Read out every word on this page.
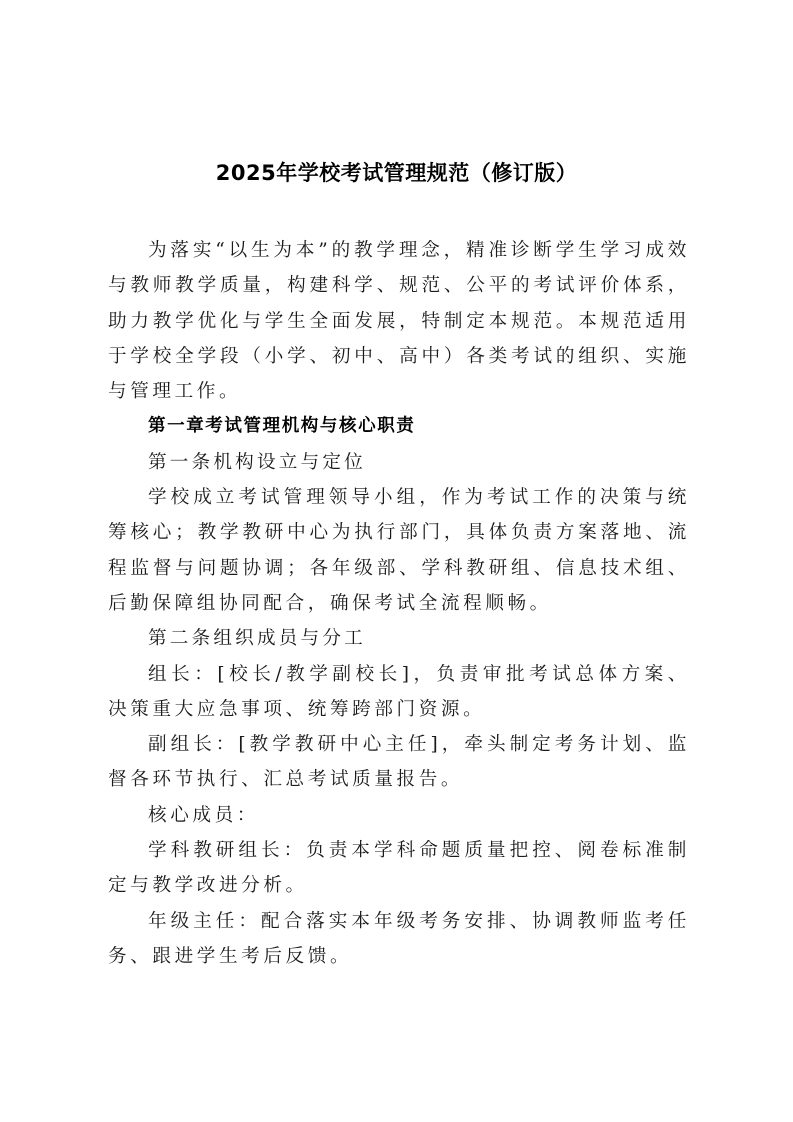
2025年学校考试管理规范（修订版）

为落实“以生为本”的教学理念，精准诊断学生学习成效与教师教学质量，构建科学、规范、公平的考试评价体系，助力教学优化与学生全面发展，特制定本规范。本规范适用于学校全学段（小学、初中、高中）各类考试的组织、实施与管理工作。

第一章考试管理机构与核心职责

第一条机构设立与定位

学校成立考试管理领导小组，作为考试工作的决策与统筹核心；教学教研中心为执行部门，具体负责方案落地、流程监督与问题协调；各年级部、学科教研组、信息技术组、后勤保障组协同配合，确保考试全流程顺畅。

第二条组织成员与分工

组长：[校长/教学副校长]，负责审批考试总体方案、决策重大应急事项、统筹跨部门资源。

副组长：[教学教研中心主任]，牵头制定考务计划、监督各环节执行、汇总考试质量报告。

核心成员：

学科教研组长：负责本学科命题质量把控、阅卷标准制定与教学改进分析。

年级主任：配合落实本年级考务安排、协调教师监考任务、跟进学生考后反馈。
